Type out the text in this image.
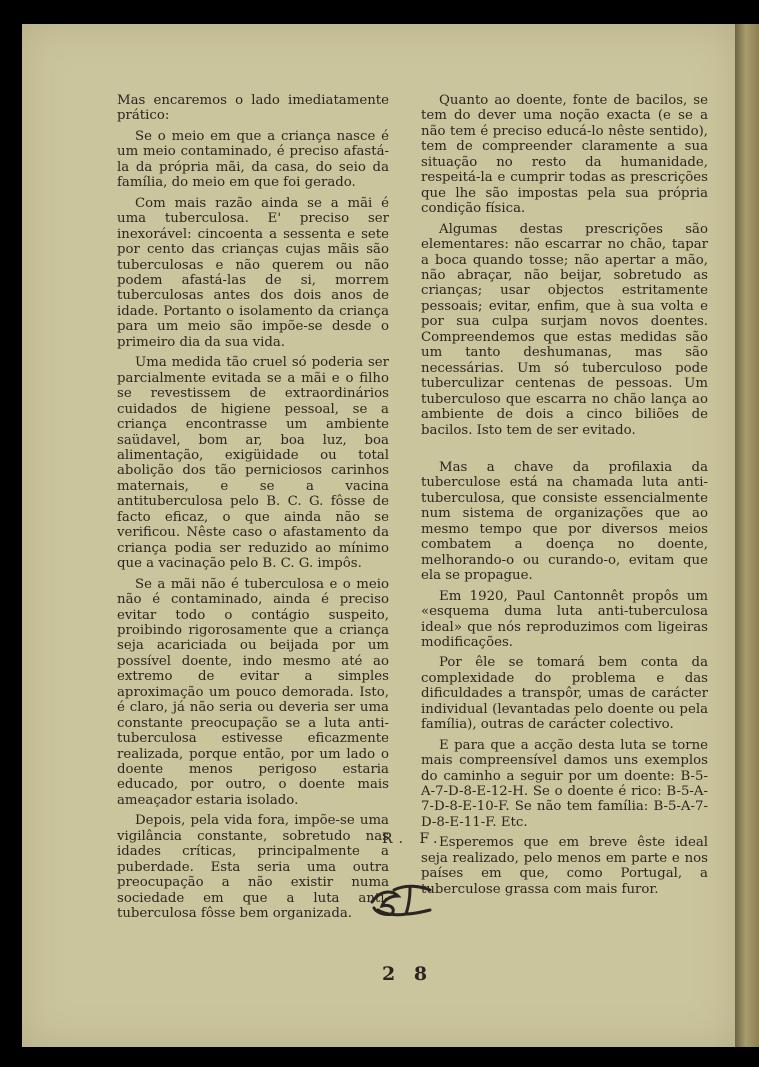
Mas encaremos o lado imediatamente prático:

Se o meio em que a criança nasce é um meio contaminado, é preciso afastá-la da própria mãi, da casa, do seio da família, do meio em que foi gerado.

Com mais razão ainda se a mãi é uma tuberculosa. E' preciso ser inexorável: cincoenta a sessenta e sete por cento das crianças cujas mãis são tuberculosas e não querem ou não podem afastá-las de si, morrem tuberculosas antes dos dois anos de idade. Portanto o isolamento da criança para um meio são impõe-se desde o primeiro dia da sua vida.

Uma medida tão cruel só poderia ser parcialmente evitada se a mãi e o filho se revestissem de extraordinários cuidados de higiene pessoal, se a criança encontrasse um ambiente saüdavel, bom ar, boa luz, boa alimentação, exigüidade ou total abolição dos tão perniciosos carinhos maternais, e se a vacina antituberculosa pelo B. C. G. fôsse de facto eficaz, o que ainda não se verificou. Nêste caso o afastamento da criança podia ser reduzido ao mínimo que a vacinação pelo B. C. G. impôs.

Se a mãi não é tuberculosa e o meio não é contaminado, ainda é preciso evitar todo o contágio suspeito, proibindo rigorosamente que a criança seja acariciada ou beijada por um possível doente, indo mesmo até ao extremo de evitar a simples aproximação um pouco demorada. Isto, é claro, já não seria ou deveria ser uma constante preocupação se a luta anti-tuberculosa estivesse eficazmente realizada, porque então, por um lado o doente menos perigoso estaria educado, por outro, o doente mais ameaçador estaria isolado.

Depois, pela vida fora, impõe-se uma vigilância constante, sobretudo nas idades críticas, principalmente a puberdade. Esta seria uma outra preocupação a não existir numa sociedade em que a luta anti-tuberculosa fôsse bem organizada.

Quanto ao doente, fonte de bacilos, se tem do dever uma noção exacta (e se a não tem é preciso educá-lo nêste sentido), tem de compreender claramente a sua situação no resto da humanidade, respeitá-la e cumprir todas as prescrições que lhe são impostas pela sua própria condição física.

Algumas destas prescrições são elementares: não escarrar no chão, tapar a boca quando tosse; não apertar a mão, não abraçar, não beijar, sobretudo as crianças; usar objectos estritamente pessoais; evitar, enfim, que à sua volta e por sua culpa surjam novos doentes. Compreendemos que estas medidas são um tanto deshumanas, mas são necessárias. Um só tuberculoso pode tuberculizar centenas de pessoas. Um tuberculoso que escarra no chão lança ao ambiente de dois a cinco biliões de bacilos. Isto tem de ser evitado.

Mas a chave da profilaxia da tuberculose está na chamada luta anti-tuberculosa, que consiste essencialmente num sistema de organizações que ao mesmo tempo que por diversos meios combatem a doença no doente, melhorando-o ou curando-o, evitam que ela se propague.

Em 1920, Paul Cantonnêt propôs um «esquema duma luta anti-tuberculosa ideal» que nós reproduzimos com ligeiras modificações.

Por êle se tomará bem conta da complexidade do problema e das dificuldades a transpôr, umas de carácter individual (levantadas pelo doente ou pela família), outras de carácter colectivo.

E para que a acção desta luta se torne mais compreensível damos uns exemplos do caminho a seguir por um doente: B-5-A-7-D-8-E-12-H. Se o doente é rico: B-5-A-7-D-8-E-10-F. Se não tem família: B-5-A-7-D-8-E-11-F. Etc.

Esperemos que em breve êste ideal seja realizado, pelo menos em parte e nos países em que, como Portugal, a tuberculose grassa com mais furor.

R. F.
2 8
